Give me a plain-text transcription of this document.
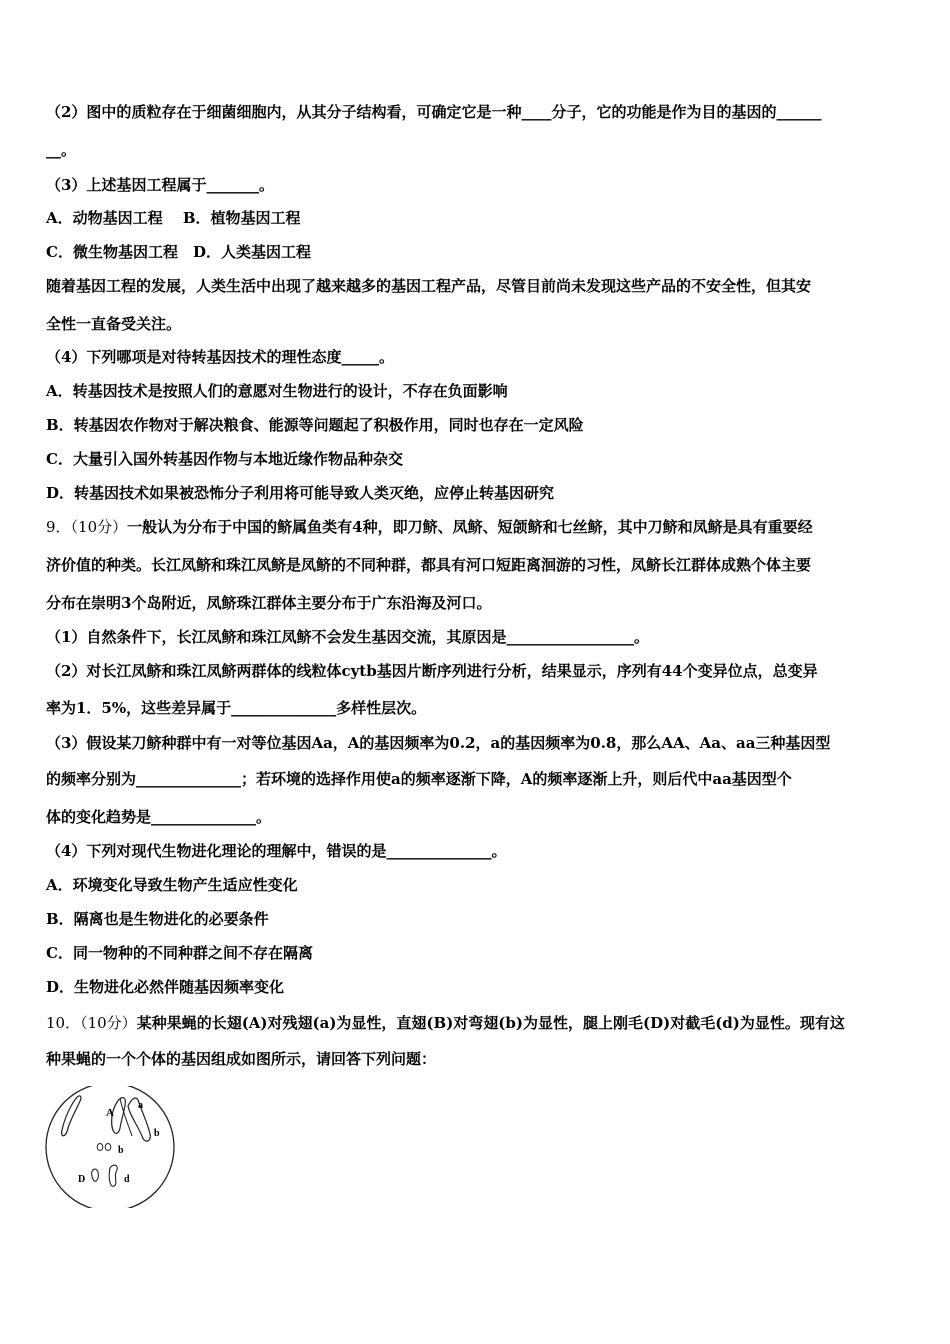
（2）图中的质粒存在于细菌细胞内，从其分子结构看，可确定它是一种____分子，它的功能是作为目的基因的______
__。
（3）上述基因工程属于_______。
A．动物基因工程　 B．植物基因工程
C．微生物基因工程　D．人类基因工程
随着基因工程的发展，人类生活中出现了越来越多的基因工程产品，尽管目前尚未发现这些产品的不安全性，但其安
全性一直备受关注。
（4）下列哪项是对待转基因技术的理性态度_____。
A．转基因技术是按照人们的意愿对生物进行的设计，不存在负面影响
B．转基因农作物对于解决粮食、能源等问题起了积极作用，同时也存在一定风险
C．大量引入国外转基因作物与本地近缘作物品种杂交
D．转基因技术如果被恐怖分子利用将可能导致人类灭绝，应停止转基因研究
9．（10分）一般认为分布于中国的鲚属鱼类有4种，即刀鲚、凤鲚、短颌鲚和七丝鲚，其中刀鲚和凤鲚是具有重要经
济价值的种类。长江凤鲚和珠江凤鲚是凤鲚的不同种群，都具有河口短距离洄游的习性，凤鲚长江群体成熟个体主要
分布在崇明3个岛附近，凤鲚珠江群体主要分布于广东沿海及河口。
（1）自然条件下，长江凤鲚和珠江凤鲚不会发生基因交流，其原因是_________________。
（2）对长江凤鲚和珠江凤鲚两群体的线粒体cytb基因片断序列进行分析，结果显示，序列有44个变异位点，总变异
率为1．5%，这些差异属于______________多样性层次。
（3）假设某刀鲚种群中有一对等位基因Aa，A的基因频率为0.2，a的基因频率为0.8，那么AA、Aa、aa三种基因型
的频率分别为______________；若环境的选择作用使a的频率逐渐下降，A的频率逐渐上升，则后代中aa基因型个
体的变化趋势是______________。
（4）下列对现代生物进化理论的理解中，错误的是______________。
A．环境变化导致生物产生适应性变化
B．隔离也是生物进化的必要条件
C．同一物种的不同种群之间不存在隔离
D．生物进化必然伴随基因频率变化
10．（10分）某种果蝇的长翅(A)对残翅(a)为显性，直翅(B)对弯翅(b)为显性，腿上刚毛(D)对截毛(d)为显性。现有这
种果蝇的一个个体的基因组成如图所示，请回答下列问题：
A
a
b
b
D	d
